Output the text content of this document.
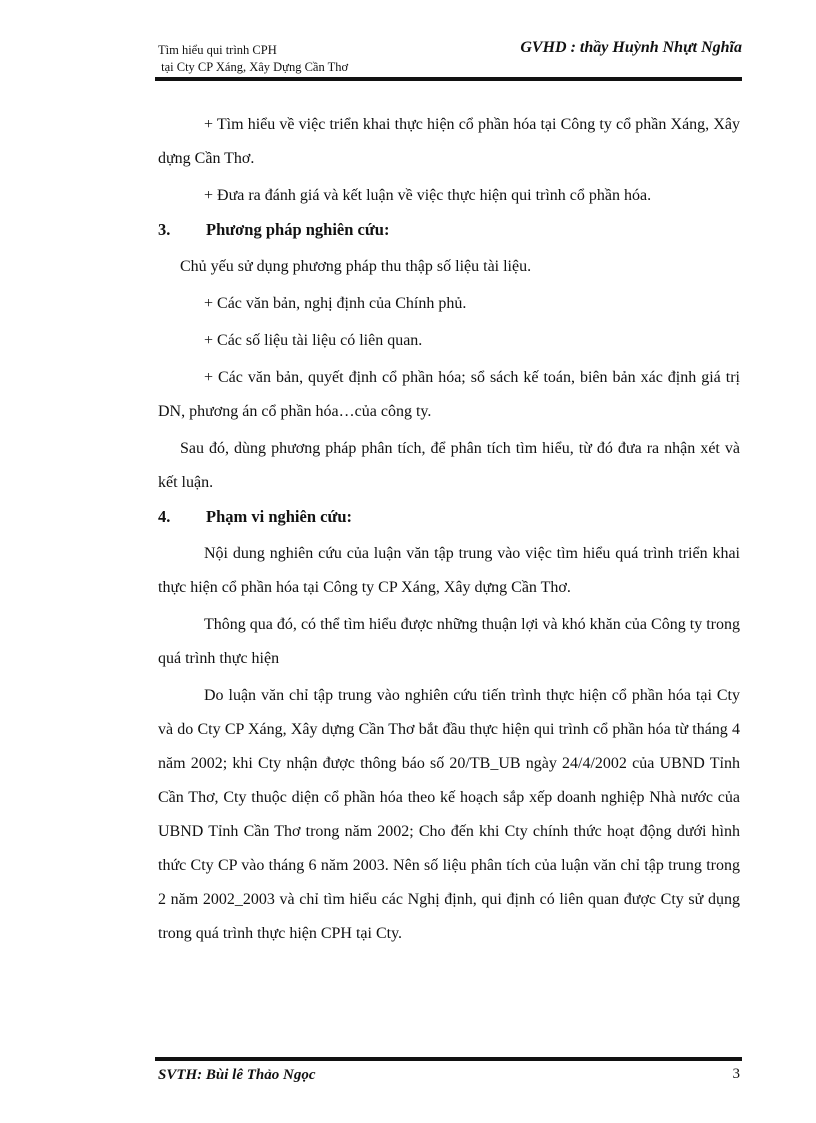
Tìm hiểu qui trình CPH
tại Cty CP Xáng, Xây Dựng Cần Thơ
GVHD : thầy Huỳnh Nhựt Nghĩa

+ Tìm hiểu về việc triển khai thực hiện cổ phần hóa tại Công ty cổ phần Xáng, Xây dựng Cần Thơ.

+ Đưa ra đánh giá và kết luận về việc thực hiện qui trình cổ phần hóa.

3. Phương pháp nghiên cứu:

Chủ yếu sử dụng phương pháp thu thập số liệu tài liệu.

+ Các văn bản, nghị định của Chính phủ.

+ Các số liệu tài liệu có liên quan.

+ Các văn bản, quyết định cổ phần hóa; sổ sách kế toán, biên bản xác định giá trị DN, phương án cổ phần hóa…của công ty.

Sau đó, dùng phương pháp phân tích, để phân tích tìm hiểu, từ đó đưa ra nhận xét và kết luận.

4. Phạm vi nghiên cứu:

Nội dung nghiên cứu của luận văn tập trung vào việc tìm hiểu quá trình triển khai thực hiện cổ phần hóa tại Công ty CP Xáng, Xây dựng Cần Thơ.

Thông qua đó, có thể tìm hiểu được những thuận lợi và khó khăn của Công ty trong quá trình thực hiện

Do luận văn chỉ tập trung vào nghiên cứu tiến trình thực hiện cổ phần hóa tại Cty và do Cty CP Xáng, Xây dựng Cần Thơ bắt đầu thực hiện qui trình cổ phần hóa từ tháng 4 năm 2002; khi Cty nhận được thông báo số 20/TB_UB ngày 24/4/2002 của UBND Tỉnh Cần Thơ, Cty thuộc diện cổ phần hóa theo kế hoạch sắp xếp doanh nghiệp Nhà nước của UBND Tỉnh Cần Thơ trong năm 2002; Cho đến khi Cty chính thức hoạt động dưới hình thức Cty CP vào tháng 6 năm 2003. Nên số liệu phân tích của luận văn chỉ tập trung trong 2 năm 2002_2003 và chỉ tìm hiểu các Nghị định, qui định có liên quan được Cty sử dụng trong quá trình thực hiện CPH tại Cty.

SVTH: Bùi lê Thảo Ngọc	3
